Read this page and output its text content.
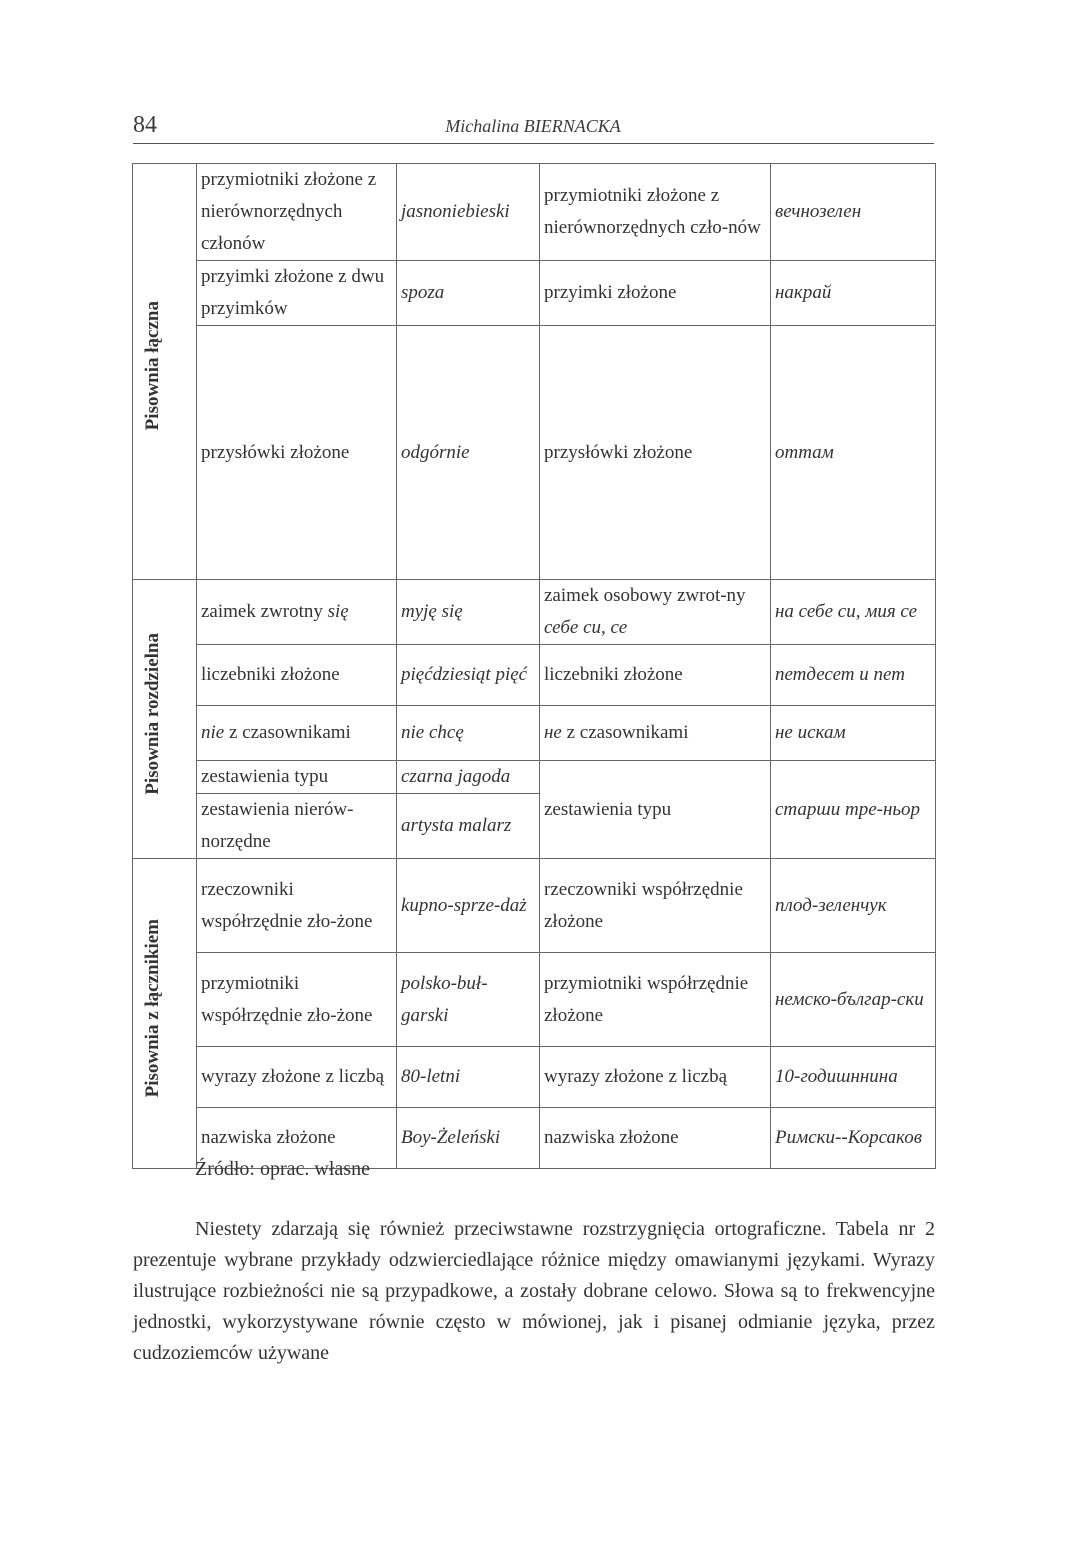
84	Michalina BIERNACKA
Pisownia łączna	przymiotniki złożone z nierównorzędnych członów	jasnoniebieski	przymiotniki złożone z nierównorzędnych czło-nów	вечнозелен
	przyimki złożone z dwu przyimków	spoza	przyimki złożone	накрай
	przysłówki złożone	odgórnie	przysłówki złożone	оттам
Pisownia rozdzielna	zaimek zwrotny się	myję się	zaimek osobowy zwrot-ny себе си, се	на себе си, мия се
	liczebniki złożone	pięćdziesiąt pięć	liczebniki złożone	петдесет и пет
	nie z czasownikami	nie chcę	не z czasownikami	не искам
	zestawienia typu	czarna jagoda	zestawienia typu	старши тре-ньор
	zestawienia nierów-norzędne	artysta malarz		
Pisownia z łącznikiem	rzeczowniki współrzędnie zło-żone	kupno-sprze-daż	rzeczowniki współrzędnie złożone	плод-зеленчук
	przymiotniki współrzędnie zło-żone	polsko-buł-garski	przymiotniki współrzędnie złożone	немско-българ-ски
	wyrazy złożone z liczbą	80-letni	wyrazy złożone z liczbą	10-годишннина
	nazwiska złożone	Boy-Żeleński	nazwiska złożone	Римски--Корсаков
Źródło: oprac. własne

Niestety zdarzają się również przeciwstawne rozstrzygnięcia ortograficzne. Tabela nr 2 prezentuje wybrane przykłady odzwierciedlające różnice między omawianymi językami. Wyrazy ilustrujące rozbieżności nie są przypadkowe, a zostały dobrane celowo. Słowa są to frekwencyjne jednostki, wykorzystywane równie często w mówionej, jak i pisanej odmianie języka, przez cudzoziemców używane
